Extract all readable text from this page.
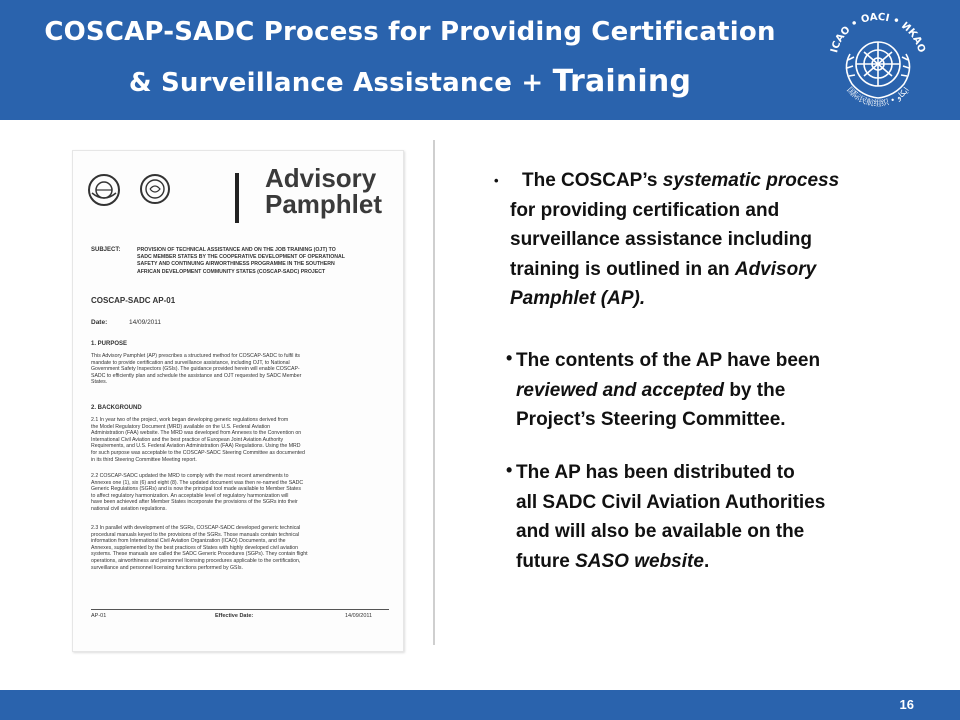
COSCAP-SADC Process for Providing Certification
& Surveillance Assistance + Training
ICAO • OACI • ИКАО
国际民航组织 • ايكاو
Advisory
Pamphlet
SUBJECT:	PROVISION OF TECHNICAL ASSISTANCE AND ON THE JOB TRAINING (OJT) TO
SADC MEMBER STATES BY THE COOPERATIVE DEVELOPMENT OF OPERATIONAL
SAFETY AND CONTINUING AIRWORTHINESS PROGRAMME IN THE SOUTHERN
AFRICAN DEVELOPMENT COMMUNITY STATES (COSCAP-SADC) PROJECT
COSCAP-SADC AP-01
Date:	14/09/2011
1. PURPOSE
This Advisory Pamphlet (AP) prescribes a structured method for COSCAP-SADC to fulfil its
mandate to provide certification and surveillance assistance, including OJT, to National
Government Safety Inspectors (GSIs). The guidance provided herein will enable COSCAP-
SADC to efficiently plan and schedule the assistance and OJT requested by SADC Member
States.
2. BACKGROUND
2.1 In year two of the project, work began developing generic regulations derived from
the Model Regulatory Document (MRD) available on the U.S. Federal Aviation
Administration (FAA) website. The MRD was developed from Annexes to the Convention on
International Civil Aviation and the best practice of European Joint Aviation Authority
Requirements, and U.S. Federal Aviation Administration (FAA) Regulations. Using the MRD
for such purpose was acceptable to the COSCAP-SADC Steering Committee as documented
in its third Steering Committee Meeting report.
2.2 COSCAP-SADC updated the MRD to comply with the most recent amendments to
Annexes one (1), six (6) and eight (8). The updated document was then re-named the SADC
Generic Regulations (SGRs) and is now the principal tool made available to Member States
to affect regulatory harmonization. An acceptable level of regulatory harmonization will
have been achieved after Member States incorporate the provisions of the SGRs into their
national civil aviation regulations.
2.3 In parallel with development of the SGRs, COSCAP-SADC developed generic technical
procedural manuals keyed to the provisions of the SGRs. Those manuals contain technical
information from International Civil Aviation Organization (ICAO) Documents, and the
Annexes, supplemented by the best practices of States with highly developed civil aviation
systems. These manuals are called the SADC Generic Procedures (SGPs). They contain flight
operations, airworthiness and personnel licensing procedures applicable to the certification,
surveillance and personnel licensing functions performed by GSIs.
AP-01	Effective Date:	14/09/2011
•	The COSCAP’s systematic process
for providing certification and
surveillance assistance including
training is outlined in an Advisory
Pamphlet (AP).
• The contents of the AP have been
reviewed and accepted by the
Project’s Steering Committee.
• The AP has been distributed to
all SADC Civil Aviation Authorities
and will also be available on the
future SASO website.
16
